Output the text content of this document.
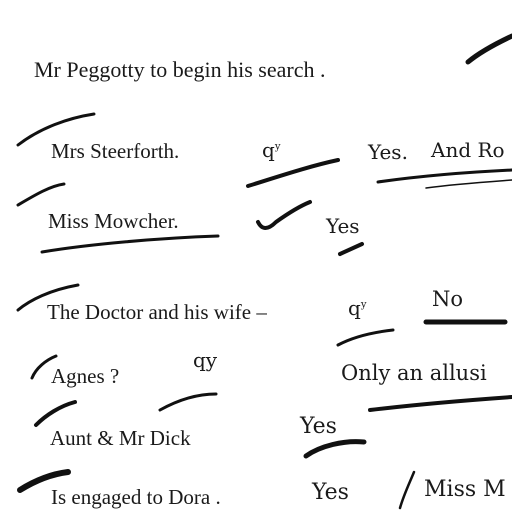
Mr Peggotty to begin his search .
Mrs Steerforth.	$q^y$	Yes. And Ro
Miss Mowcher.	Yes
The Doctor and his wife –	$q^y$	No
Agnes ?
qy
Only an allusi
Aunt & Mr Dick	Yes
Is engaged to Dora .	Yes	Miss M
